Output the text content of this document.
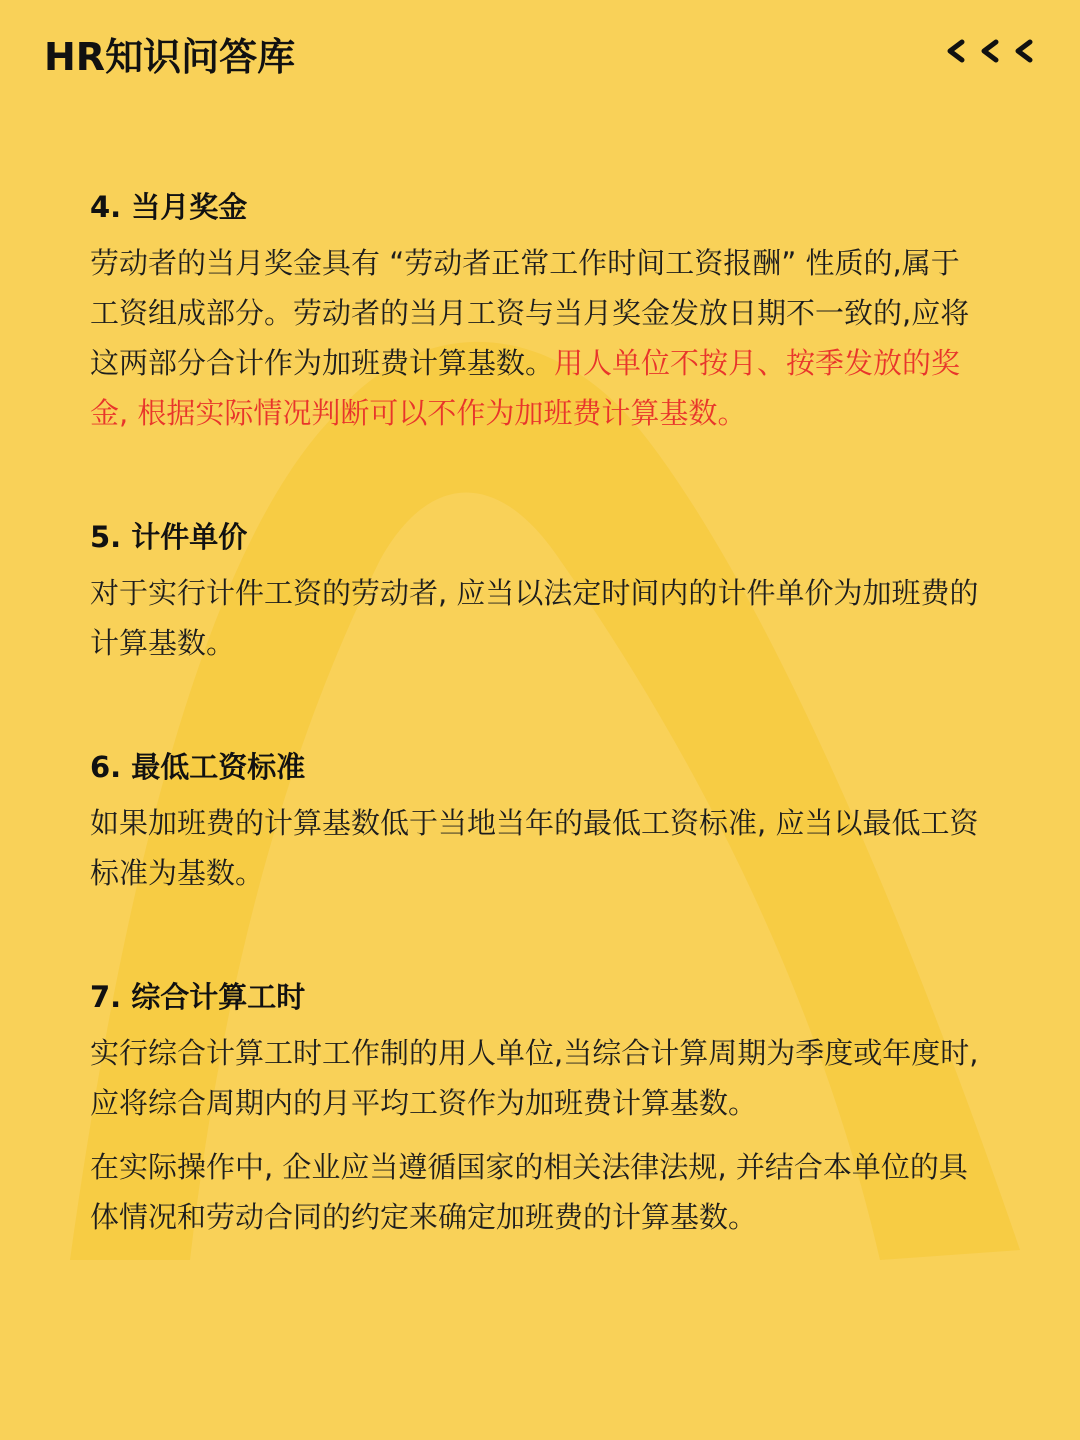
HR知识问答库
4. 当月奖金

劳动者的当月奖金具有 “劳动者正常工作时间工资报酬” 性质的,属于工资组成部分。劳动者的当月工资与当月奖金发放日期不一致的,应将这两部分合计作为加班费计算基数。用人单位不按月、按季发放的奖金, 根据实际情况判断可以不作为加班费计算基数。

5. 计件单价

对于实行计件工资的劳动者, 应当以法定时间内的计件单价为加班费的计算基数。

6. 最低工资标准

如果加班费的计算基数低于当地当年的最低工资标准, 应当以最低工资标准为基数。

7. 综合计算工时

实行综合计算工时工作制的用人单位,当综合计算周期为季度或年度时,应将综合周期内的月平均工资作为加班费计算基数。

在实际操作中, 企业应当遵循国家的相关法律法规, 并结合本单位的具体情况和劳动合同的约定来确定加班费的计算基数。
